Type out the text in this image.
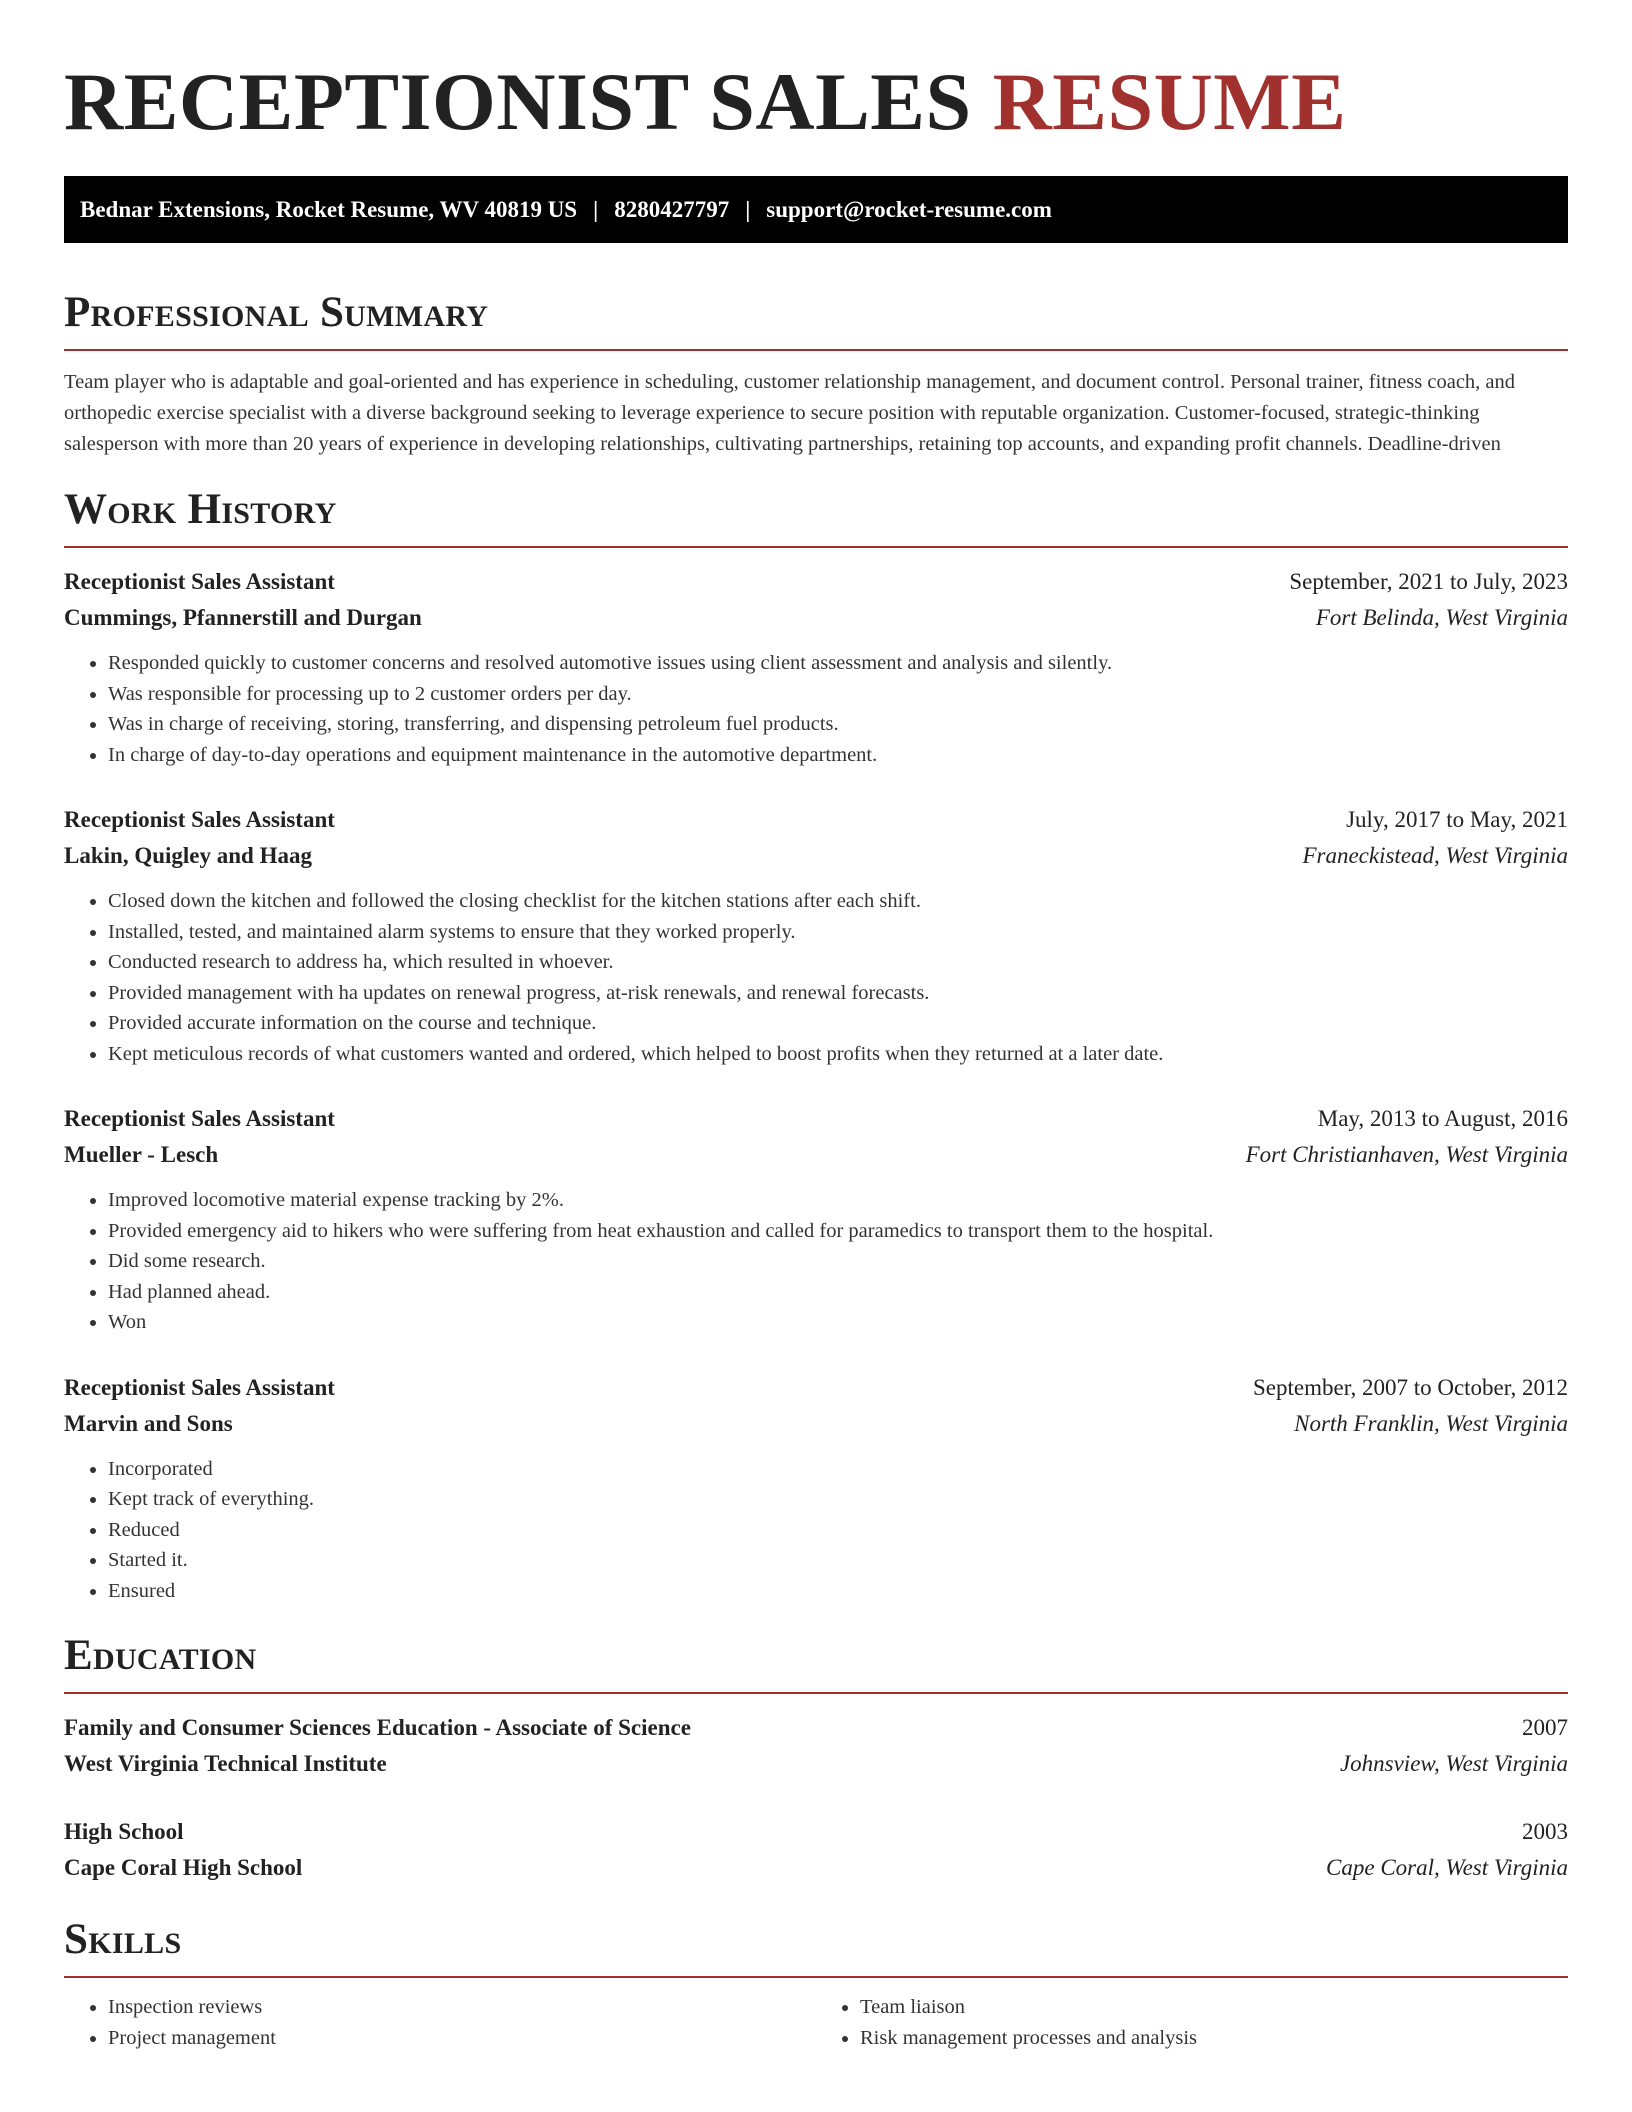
RECEPTIONIST SALES RESUME
Bednar Extensions, Rocket Resume, WV 40819 US | 8280427797 | support@rocket-resume.com
Professional Summary

Team player who is adaptable and goal-oriented and has experience in scheduling, customer relationship management, and document control. Personal trainer, fitness coach, and orthopedic exercise specialist with a diverse background seeking to leverage experience to secure position with reputable organization. Customer-focused, strategic-thinking salesperson with more than 20 years of experience in developing relationships, cultivating partnerships, retaining top accounts, and expanding profit channels. Deadline-driven

Work History
Receptionist Sales Assistant	September, 2021 to July, 2023
Cummings, Pfannerstill and Durgan	Fort Belinda, West Virginia
• Responded quickly to customer concerns and resolved automotive issues using client assessment and analysis and silently.
• Was responsible for processing up to 2 customer orders per day.
• Was in charge of receiving, storing, transferring, and dispensing petroleum fuel products.
• In charge of day-to-day operations and equipment maintenance in the automotive department.
Receptionist Sales Assistant	July, 2017 to May, 2021
Lakin, Quigley and Haag	Franeckistead, West Virginia
• Closed down the kitchen and followed the closing checklist for the kitchen stations after each shift.
• Installed, tested, and maintained alarm systems to ensure that they worked properly.
• Conducted research to address ha, which resulted in whoever.
• Provided management with ha updates on renewal progress, at-risk renewals, and renewal forecasts.
• Provided accurate information on the course and technique.
• Kept meticulous records of what customers wanted and ordered, which helped to boost profits when they returned at a later date.
Receptionist Sales Assistant	May, 2013 to August, 2016
Mueller - Lesch	Fort Christianhaven, West Virginia
• Improved locomotive material expense tracking by 2%.
• Provided emergency aid to hikers who were suffering from heat exhaustion and called for paramedics to transport them to the hospital.
• Did some research.
• Had planned ahead.
• Won
Receptionist Sales Assistant	September, 2007 to October, 2012
Marvin and Sons	North Franklin, West Virginia
• Incorporated
• Kept track of everything.
• Reduced
• Started it.
• Ensured
Education
Family and Consumer Sciences Education - Associate of Science	2007
West Virginia Technical Institute	Johnsview, West Virginia
High School	2003
Cape Coral High School	Cape Coral, West Virginia
Skills
• Inspection reviews
• Project management
• Team liaison
• Risk management processes and analysis
